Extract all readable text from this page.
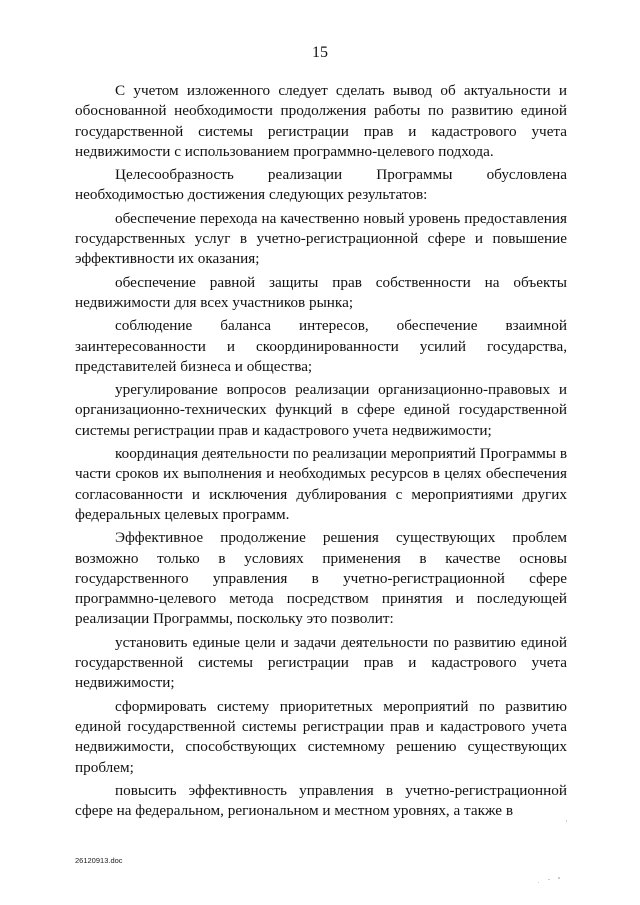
15

С учетом изложенного следует сделать вывод об актуальности и обоснованной необходимости продолжения работы по развитию единой государственной системы регистрации прав и кадастрового учета недвижимости с использованием программно-целевого подхода.

Целесообразность реализации Программы обусловлена необходимостью достижения следующих результатов:

обеспечение перехода на качественно новый уровень предоставления государственных услуг в учетно-регистрационной сфере и повышение эффективности их оказания;

обеспечение равной защиты прав собственности на объекты недвижимости для всех участников рынка;

соблюдение баланса интересов, обеспечение взаимной заинтересованности и скоординированности усилий государства, представителей бизнеса и общества;

урегулирование вопросов реализации организационно-правовых и организационно-технических функций в сфере единой государственной системы регистрации прав и кадастрового учета недвижимости;

координация деятельности по реализации мероприятий Программы в части сроков их выполнения и необходимых ресурсов в целях обеспечения согласованности и исключения дублирования с мероприятиями других федеральных целевых программ.

Эффективное продолжение решения существующих проблем возможно только в условиях применения в качестве основы государственного управления в учетно-регистрационной сфере программно-целевого метода посредством принятия и последующей реализации Программы, поскольку это позволит:

установить единые цели и задачи деятельности по развитию единой государственной системы регистрации прав и кадастрового учета недвижимости;

сформировать систему приоритетных мероприятий по развитию единой государственной системы регистрации прав и кадастрового учета недвижимости, способствующих системному решению существующих проблем;

повысить эффективность управления в учетно-регистрационной сфере на федеральном, региональном и местном уровнях, а также в

26120913.doc
